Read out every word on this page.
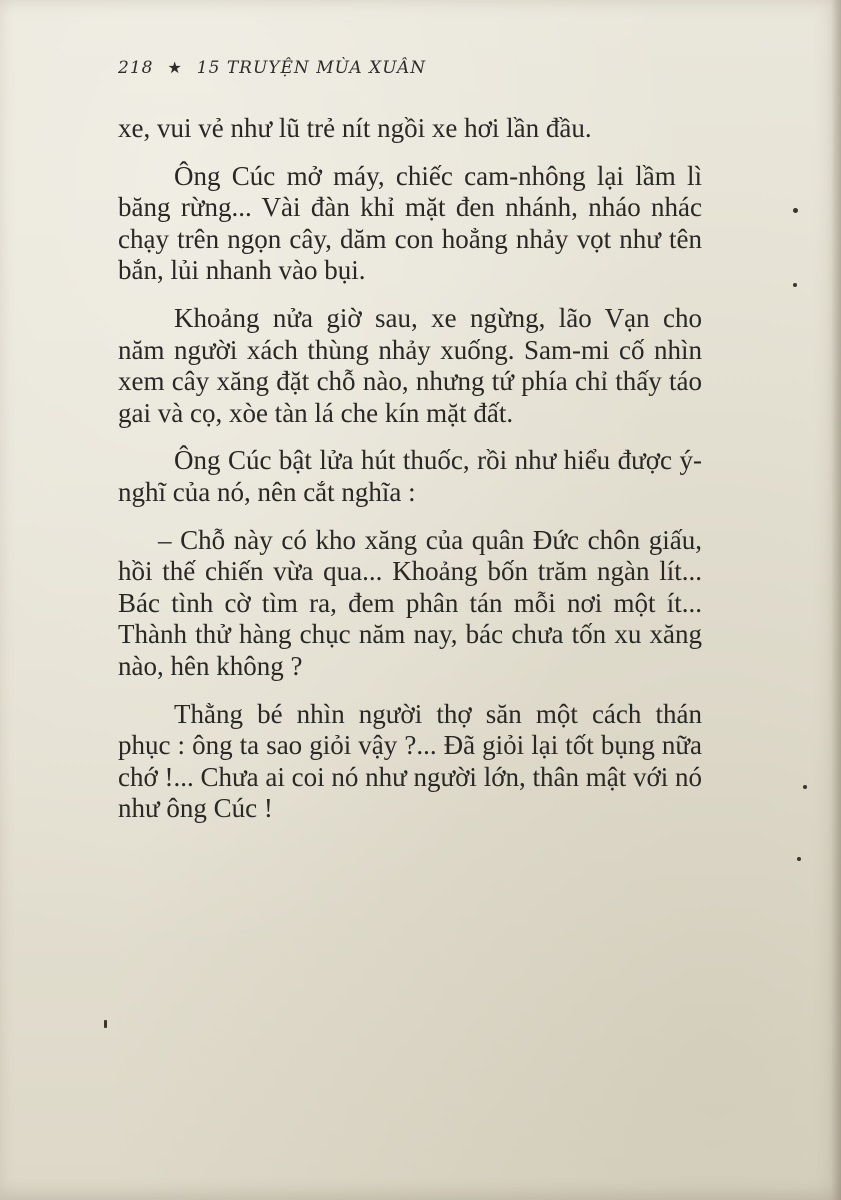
218 ★ 15 TRUYỆN MÙA XUÂN

xe, vui vẻ như lũ trẻ nít ngồi xe hơi lần đầu.

Ông Cúc mở máy, chiếc cam-nhông lại lầm lì băng rừng... Vài đàn khỉ mặt đen nhánh, nháo nhác chạy trên ngọn cây, dăm con hoẳng nhảy vọt như tên bắn, lủi nhanh vào bụi.

Khoảng nửa giờ sau, xe ngừng, lão Vạn cho năm người xách thùng nhảy xuống. Sam-mi cố nhìn xem cây xăng đặt chỗ nào, nhưng tứ phía chỉ thấy táo gai và cọ, xòe tàn lá che kín mặt đất.

Ông Cúc bật lửa hút thuốc, rồi như hiểu được ý-nghĩ của nó, nên cắt nghĩa :

– Chỗ này có kho xăng của quân Đức chôn giấu, hồi thế chiến vừa qua... Khoảng bốn trăm ngàn lít... Bác tình cờ tìm ra, đem phân tán mỗi nơi một ít... Thành thử hàng chục năm nay, bác chưa tốn xu xăng nào, hên không ?

Thằng bé nhìn người thợ săn một cách thán phục : ông ta sao giỏi vậy ?... Đã giỏi lại tốt bụng nữa chớ !... Chưa ai coi nó như người lớn, thân mật với nó như ông Cúc !
